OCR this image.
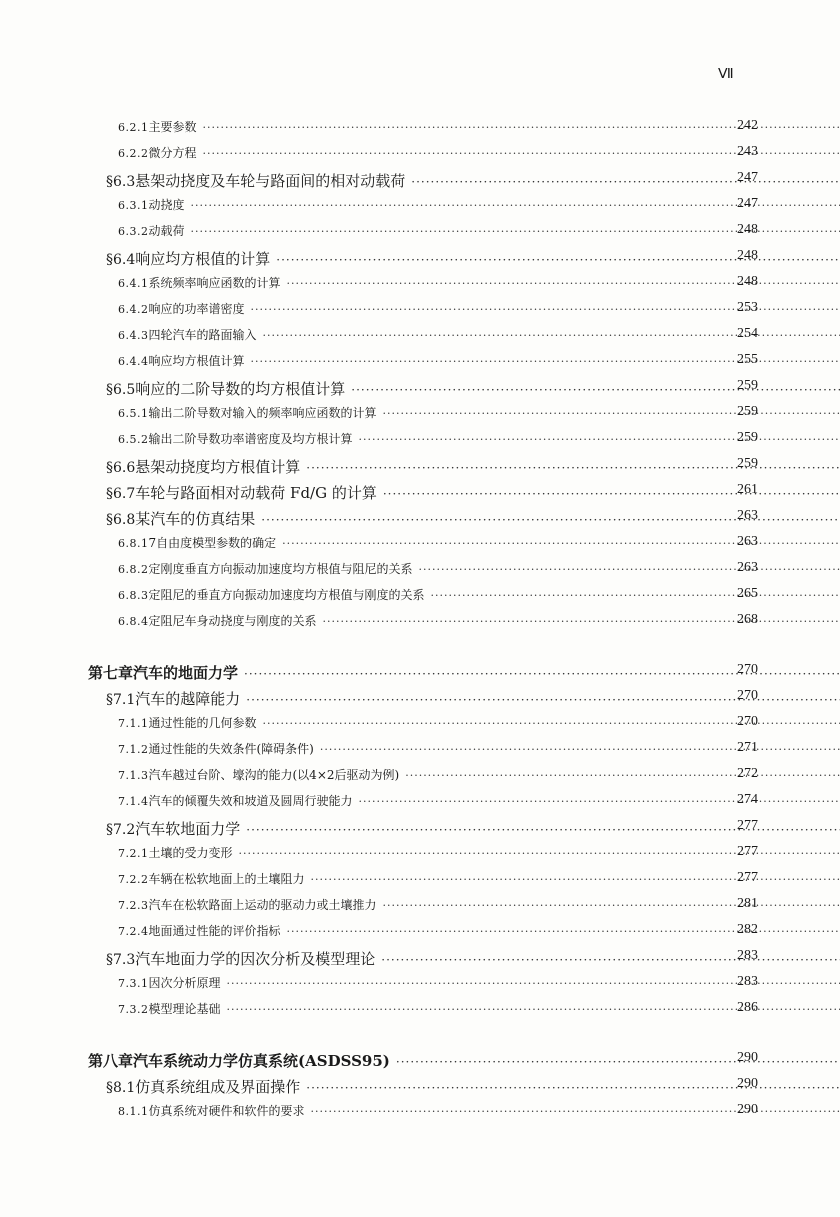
Ⅶ
6.2.1 主要参数 ·····	242
6.2.2 微分方程 ·····	243
§6.3 悬架动挠度及车轮与路面间的相对动载荷 ·····	247
6.3.1 动挠度 ·····	247
6.3.2 动载荷 ·····	248
§6.4 响应均方根值的计算 ·····	248
6.4.1 系统频率响应函数的计算 ·····	248
6.4.2 响应的功率谱密度 ·····	253
6.4.3 四轮汽车的路面输入 ·····	254
6.4.4 响应均方根值计算 ·····	255
§6.5 响应的二阶导数的均方根值计算 ·····	259
6.5.1 输出二阶导数对输入的频率响应函数的计算 ·····	259
6.5.2 输出二阶导数功率谱密度及均方根计算 ·····	259
§6.6 悬架动挠度均方根值计算 ·····	259
§6.7 车轮与路面相对动载荷 Fd/G 的计算 ·····	261
§6.8 某汽车的仿真结果 ·····	263
6.8.1 7自由度模型参数的确定 ·····	263
6.8.2 定刚度垂直方向振动加速度均方根值与阻尼的关系 ·····	263
6.8.3 定阻尼的垂直方向振动加速度均方根值与刚度的关系 ·····	265
6.8.4 定阻尼车身动挠度与刚度的关系 ·····	268
第七章 汽车的地面力学 ·····	270
§7.1 汽车的越障能力 ·····	270
7.1.1 通过性能的几何参数 ·····	270
7.1.2 通过性能的失效条件(障碍条件) ·····	271
7.1.3 汽车越过台阶、壕沟的能力(以4×2后驱动为例) ·····	272
7.1.4 汽车的倾覆失效和坡道及圆周行驶能力 ·····	274
§7.2 汽车软地面力学 ·····	277
7.2.1 土壤的受力变形 ·····	277
7.2.2 车辆在松软地面上的土壤阻力 ·····	277
7.2.3 汽车在松软路面上运动的驱动力或土壤推力 ·····	281
7.2.4 地面通过性能的评价指标 ·····	282
§7.3 汽车地面力学的因次分析及模型理论 ·····	283
7.3.1 因次分析原理 ·····	283
7.3.2 模型理论基础 ·····	286
第八章 汽车系统动力学仿真系统(ASDSS95) ·····	290
§8.1 仿真系统组成及界面操作 ·····	290
8.1.1 仿真系统对硬件和软件的要求 ·····	290
